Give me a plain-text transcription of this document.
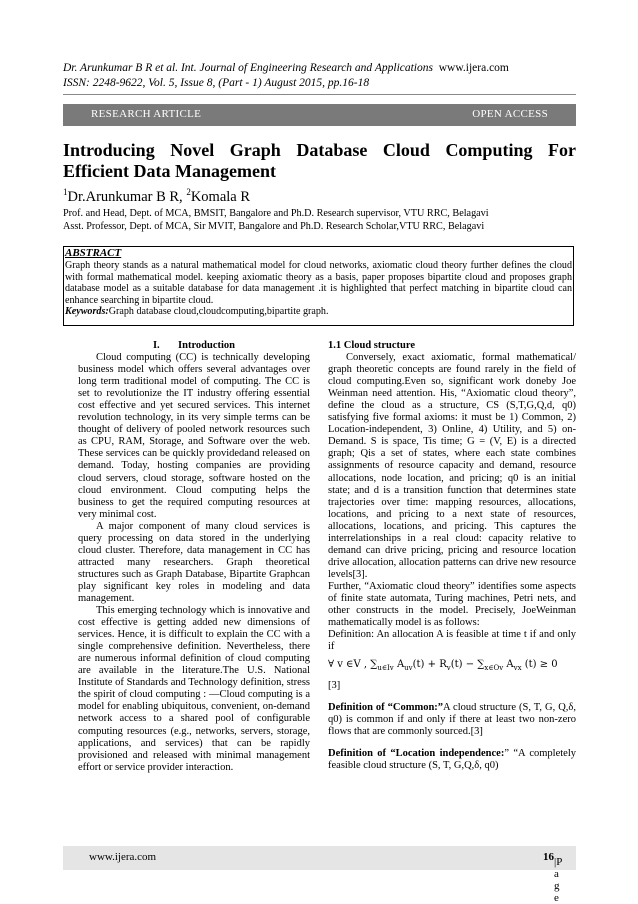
Dr. Arunkumar B R et al. Int. Journal of Engineering Research and Applications www.ijera.com
ISSN: 2248-9622, Vol. 5, Issue 8, (Part - 1) August 2015, pp.16-18
RESEARCH ARTICLE	OPEN ACCESS
Introducing Novel Graph Database Cloud Computing For
Efficient Data Management
$^1$Dr.Arunkumar B R, $^2$Komala R
Prof. and Head, Dept. of MCA, BMSIT, Bangalore and Ph.D. Research supervisor, VTU RRC, Belagavi
Asst. Professor, Dept. of MCA, Sir MVIT, Bangalore and Ph.D. Research Scholar,VTU RRC, Belagavi
ABSTRACT
Graph theory stands as a natural mathematical model for cloud networks, axiomatic cloud theory further defines the cloud with formal mathematical model. keeping axiomatic theory as a basis, paper proposes bipartite cloud and proposes graph database model as a suitable database for data management .it is highlighted that perfect matching in bipartite cloud can enhance searching in bipartite cloud.
Keywords:Graph database cloud,cloudcomputing,bipartite graph.
I.       Introduction

Cloud computing (CC) is technically developing business model which offers several advantages over long term traditional model of computing. The CC is set to revolutionize the IT industry offering essential cost effective and yet secured services. This internet revolution technology, in its very simple terms can be thought of delivery of pooled network resources such as CPU, RAM, Storage, and Software over the web. These services can be quickly providedand released on demand. Today, hosting companies are providing cloud servers, cloud storage, software hosted on the cloud environment. Cloud computing helps the business to get the required computing resources at very minimal cost.

A major component of many cloud services is query processing on data stored in the underlying cloud cluster. Therefore, data management in CC has attracted many researchers. Graph theoretical structures such as Graph Database, Bipartite Graphcan play significant key roles in modeling and data management.

This emerging technology which is innovative and cost effective is getting added new dimensions of services. Hence, it is difficult to explain the CC with a single comprehensive definition. Nevertheless, there are numerous informal definition of cloud computing are available in the literature.The U.S. National Institute of Standards and Technology definition, stress the spirit of cloud computing : ―Cloud computing is a model for enabling ubiquitous, convenient, on-demand network access to a shared pool of configurable computing resources (e.g., networks, servers, storage, applications, and services) that can be rapidly provisioned and released with minimal management effort or service provider interaction.

1.1 Cloud structure

Conversely, exact axiomatic, formal mathematical/ graph theoretic concepts are found rarely in the field of cloud computing.Even so, significant work doneby Joe Weinman need attention. His, “Axiomatic cloud theory”, define the cloud as a structure, CS (S,T,G,Q,d, q0) satisfying five formal axioms: it must be 1) Common, 2) Location-independent, 3) Online, 4) Utility, and 5) on-Demand. S is space, Tis time; G = (V, E) is a directed graph; Qis a set of states, where each state combines assignments of resource capacity and demand, resource allocations, node location, and pricing; q0 is an initial state; and d is a transition function that determines state trajectories over time: mapping resources, allocations, locations, and pricing to a next state of resources, allocations, locations, and pricing. This captures the interrelationships in a real cloud: capacity relative to demand can drive pricing, pricing and resource location drive allocation, allocation patterns can drive new resource levels[3].

Further, “Axiomatic cloud theory” identifies some aspects of finite state automata, Turing machines, Petri nets, and other constructs in the model. Precisely, JoeWeinman mathematically model is as follows:

Definition: An allocation A is feasible at time t if and only if

∀ v ∈V , $\sum_{u\in Iv}$ $A_{uv}(t) + R_v(t) - \sum_{x\in Ov}$ $A_{vx}$ (t) ≥ 0

[3]

Definition of “Common:”A cloud structure (S, T, G, Q,δ, q0) is common if and only if there at least two non-zero flows that are commonly sourced.[3]

Definition of “Location independence:” “A completely feasible cloud structure (S, T, G,Q,δ, q0)

www.ijera.com	16 |P a g e
